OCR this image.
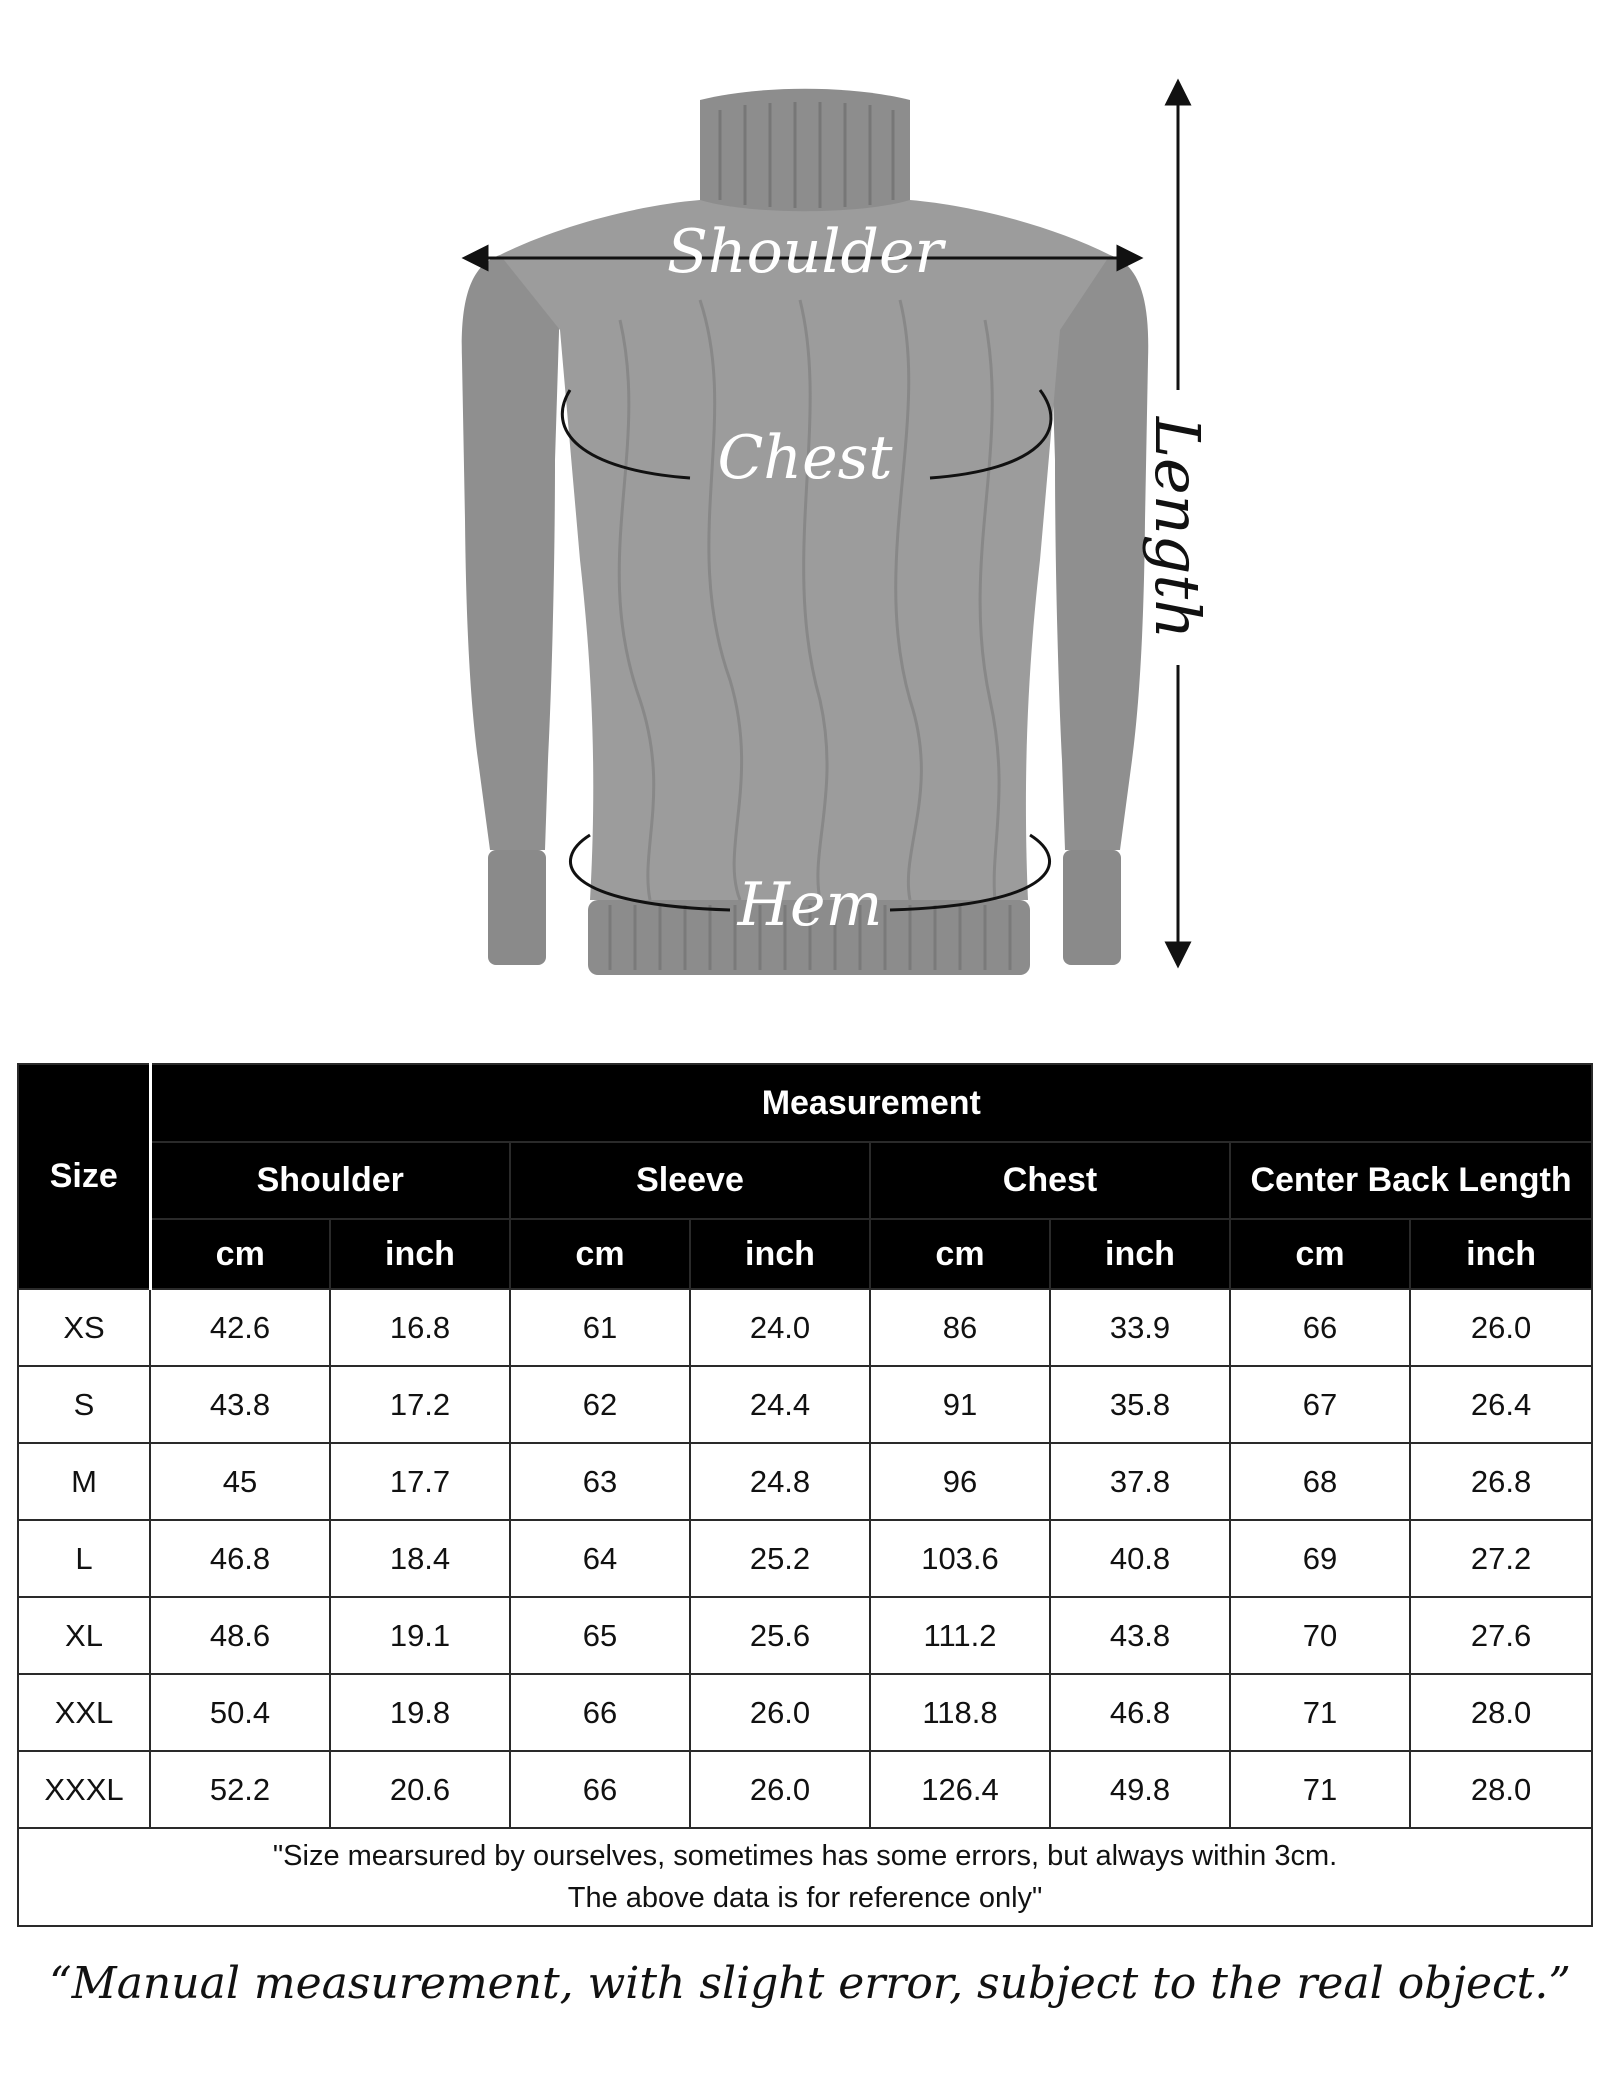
Shoulder
Chest
Hem
Length
Size	Measurement							
	Shoulder		Sleeve		Chest		Center Back Length	
	cm	inch	cm	inch	cm	inch	cm	inch
XS	42.6	16.8	61	24.0	86	33.9	66	26.0
S	43.8	17.2	62	24.4	91	35.8	67	26.4
M	45	17.7	63	24.8	96	37.8	68	26.8
L	46.8	18.4	64	25.2	103.6	40.8	69	27.2
XL	48.6	19.1	65	25.6	111.2	43.8	70	27.6
XXL	50.4	19.8	66	26.0	118.8	46.8	71	28.0
XXXL	52.2	20.6	66	26.0	126.4	49.8	71	28.0

"Size mearsured by ourselves, sometimes has some errors, but always within 3cm.
The above data is for reference only"								
“Manual measurement, with slight error, subject to the real object.”
